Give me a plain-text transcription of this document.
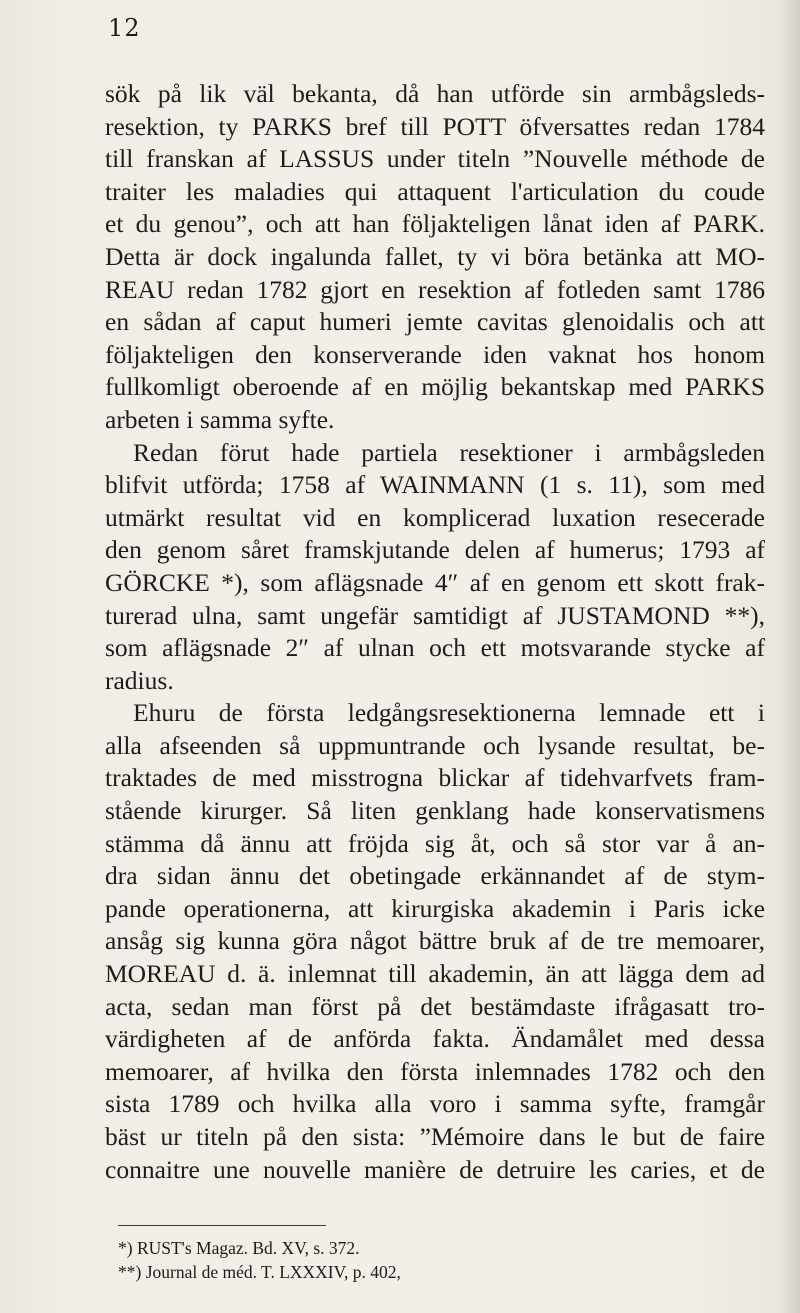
12
sök på lik väl bekanta, då han utförde sin armbågsleds-
resektion, ty PARKS bref till POTT öfversattes redan 1784
till franskan af LASSUS under titeln ”Nouvelle méthode de
traiter les maladies qui attaquent l'articulation du coude
et du genou”, och att han följakteligen lånat iden af PARK.
Detta är dock ingalunda fallet, ty vi böra betänka att MO-
REAU redan 1782 gjort en resektion af fotleden samt 1786
en sådan af caput humeri jemte cavitas glenoidalis och att
följakteligen den konserverande iden vaknat hos honom
fullkomligt oberoende af en möjlig bekantskap med PARKS
arbeten i samma syfte.
Redan förut hade partiela resektioner i armbågsleden
blifvit utförda; 1758 af WAINMANN (1 s. 11), som med
utmärkt resultat vid en komplicerad luxation resecerade
den genom såret framskjutande delen af humerus; 1793 af
GÖRCKE *), som aflägsnade 4″ af en genom ett skott frak-
turerad ulna, samt ungefär samtidigt af JUSTAMOND **),
som aflägsnade 2″ af ulnan och ett motsvarande stycke af
radius.
Ehuru de första ledgångsresektionerna lemnade ett i
alla afseenden så uppmuntrande och lysande resultat, be-
traktades de med misstrogna blickar af tidehvarfvets fram-
stående kirurger. Så liten genklang hade konservatismens
stämma då ännu att fröjda sig åt, och så stor var å an-
dra sidan ännu det obetingade erkännandet af de stym-
pande operationerna, att kirurgiska akademin i Paris icke
ansåg sig kunna göra något bättre bruk af de tre memoarer,
MOREAU d. ä. inlemnat till akademin, än att lägga dem ad
acta, sedan man först på det bestämdaste ifrågasatt tro-
värdigheten af de anförda fakta. Ändamålet med dessa
memoarer, af hvilka den första inlemnades 1782 och den
sista 1789 och hvilka alla voro i samma syfte, framgår
bäst ur titeln på den sista: ”Mémoire dans le but de faire
connaitre une nouvelle manière de detruire les caries, et de
*) RUST's Magaz. Bd. XV, s. 372.
**) Journal de méd. T. LXXXIV, p. 402,
